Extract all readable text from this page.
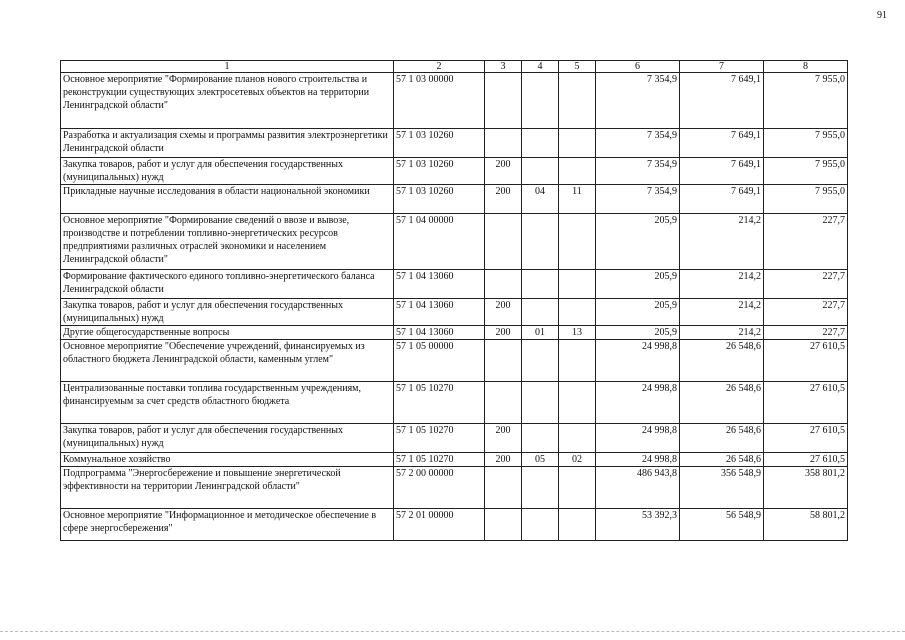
91
1	2	3	4	5	6	7	8
Основное мероприятие "Формирование планов нового строительства и реконструкции существующих электросетевых объектов на территории Ленинградской области"	57 1 03 00000				7 354,9	7 649,1	7 955,0
Разработка и актуализация схемы и программы развития электроэнергетики Ленинградской области	57 1 03 10260				7 354,9	7 649,1	7 955,0
Закупка товаров, работ и услуг для обеспечения государственных (муниципальных) нужд	57 1 03 10260	200			7 354,9	7 649,1	7 955,0
Прикладные научные исследования в области национальной экономики	57 1 03 10260	200	04	11	7 354,9	7 649,1	7 955,0
Основное мероприятие "Формирование сведений о ввозе и вывозе, производстве и потреблении топливно-энергетических ресурсов предприятиями различных отраслей экономики и населением Ленинградской области"	57 1 04 00000				205,9	214,2	227,7
Формирование фактического единого топливно-энергетического баланса Ленинградской области	57 1 04 13060				205,9	214,2	227,7
Закупка товаров, работ и услуг для обеспечения государственных (муниципальных) нужд	57 1 04 13060	200			205,9	214,2	227,7
Другие общегосударственные вопросы	57 1 04 13060	200	01	13	205,9	214,2	227,7
Основное мероприятие "Обеспечение учреждений, финансируемых из областного бюджета Ленинградской области, каменным углем"	57 1 05 00000				24 998,8	26 548,6	27 610,5
Централизованные поставки топлива государственным учреждениям, финансируемым за счет средств областного бюджета	57 1 05 10270				24 998,8	26 548,6	27 610,5
Закупка товаров, работ и услуг для обеспечения государственных (муниципальных) нужд	57 1 05 10270	200			24 998,8	26 548,6	27 610,5
Коммунальное хозяйство	57 1 05 10270	200	05	02	24 998,8	26 548,6	27 610,5
Подпрограмма "Энергосбережение и повышение энергетической эффективности на территории Ленинградской области"	57 2 00 00000				486 943,8	356 548,9	358 801,2
Основное мероприятие "Информационное и методическое обеспечение в сфере энергосбережения"	57 2 01 00000				53 392,3	56 548,9	58 801,2
